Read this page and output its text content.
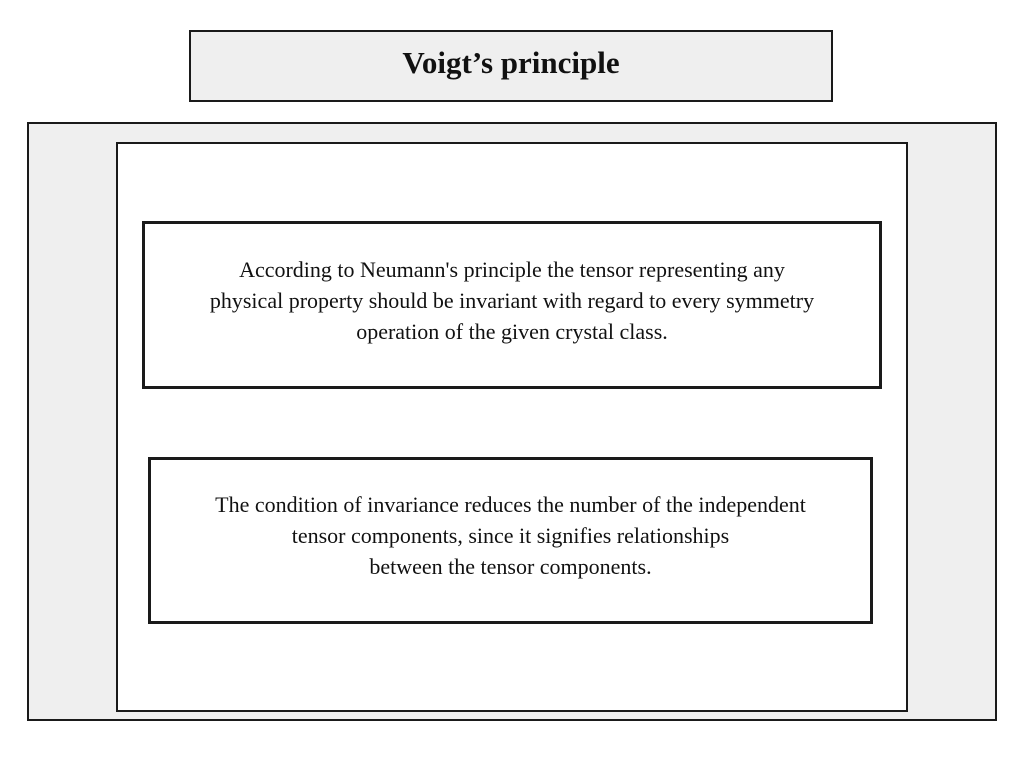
Voigt’s principle
According to Neumann's principle the tensor representing any
physical property should be invariant with regard to every symmetry
operation of the given crystal class.
The condition of invariance reduces the number of the independent
tensor components, since it signifies relationships
between the tensor components.
